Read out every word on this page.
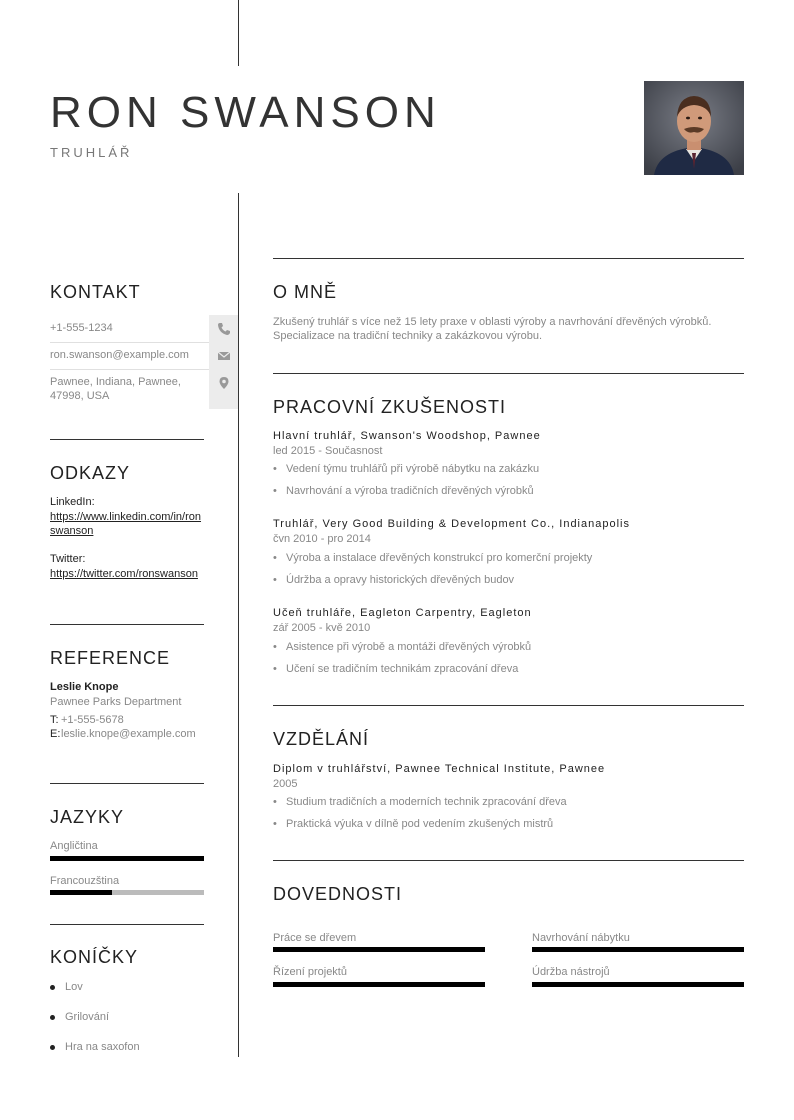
RON SWANSON
TRUHLÁŘ
KONTAKT
+1-555-1234
ron.swanson@example.com
Pawnee, Indiana, Pawnee, 47998, USA
ODKAZY
LinkedIn:
https://www.linkedin.com/in/ronswanson
Twitter:
https://twitter.com/ronswanson
REFERENCE
Leslie Knope
Pawnee Parks Department
T: +1-555-5678
E: leslie.knope@example.com
JAZYKY
Angličtina
Francouzština
KONÍČKY
Lov
Grilování
Hra na saxofon
O MNĚ
Zkušený truhlář s více než 15 lety praxe v oblasti výroby a navrhování dřevěných výrobků. Specializace na tradiční techniky a zakázkovou výrobu.
PRACOVNÍ ZKUŠENOSTI
Hlavní truhlář, Swanson's Woodshop, Pawnee
led 2015 - Současnost
• Vedení týmu truhlářů při výrobě nábytku na zakázku
• Navrhování a výroba tradičních dřevěných výrobků
Truhlář, Very Good Building & Development Co., Indianapolis
čvn 2010 - pro 2014
• Výroba a instalace dřevěných konstrukcí pro komerční projekty
• Údržba a opravy historických dřevěných budov
Učeň truhláře, Eagleton Carpentry, Eagleton
zář 2005 - kvě 2010
• Asistence při výrobě a montáži dřevěných výrobků
• Učení se tradičním technikám zpracování dřeva
VZDĚLÁNÍ
Diplom v truhlářství, Pawnee Technical Institute, Pawnee
2005
• Studium tradičních a moderních technik zpracování dřeva
• Praktická výuka v dílně pod vedením zkušených mistrů
DOVEDNOSTI
Práce se dřevem	Navrhování nábytku
Řízení projektů	Údržba nástrojů
